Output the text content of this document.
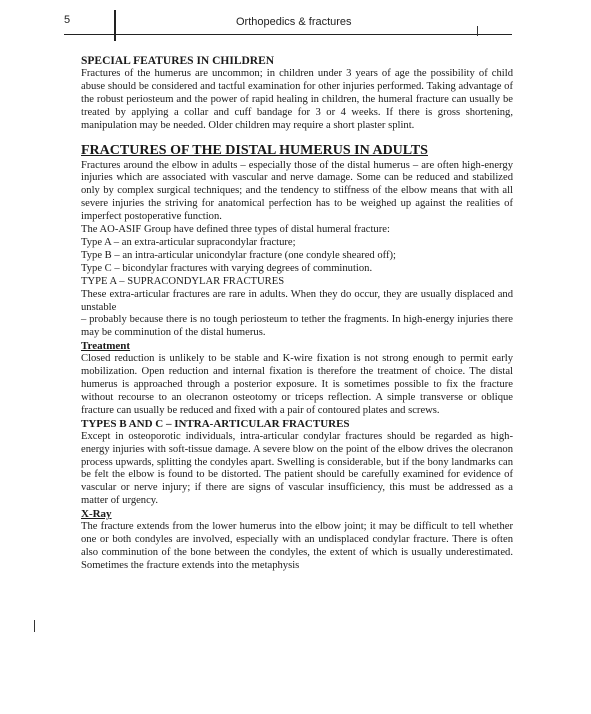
5	Orthopedics & fractures

SPECIAL FEATURES IN CHILDREN

Fractures of the humerus are uncommon; in children under 3 years of age the possibility of child abuse should be considered and tactful examination for other injuries performed. Taking advantage of the robust periosteum and the power of rapid healing in children, the humeral fracture can usually be treated by applying a collar and cuff bandage for 3 or 4 weeks. If there is gross shortening, manipulation may be needed. Older children may require a short plaster splint.

FRACTURES OF THE DISTAL HUMERUS IN ADULTS

Fractures around the elbow in adults – especially those of the distal humerus – are often high-energy injuries which are associated with vascular and nerve damage. Some can be reduced and stabilized only by complex surgical techniques; and the tendency to stiffness of the elbow means that with all severe injuries the striving for anatomical perfection has to be weighed up against the realities of imperfect postoperative function.

The AO-ASIF Group have defined three types of distal humeral fracture:

Type A – an extra-articular supracondylar fracture;

Type B – an intra-articular unicondylar fracture (one condyle sheared off);

Type C – bicondylar fractures with varying degrees of comminution.

TYPE A – SUPRACONDYLAR FRACTURES

These extra-articular fractures are rare in adults. When they do occur, they are usually displaced and unstable

– probably because there is no tough periosteum to tether the fragments. In high-energy injuries there may be comminution of the distal humerus.

Treatment

Closed reduction is unlikely to be stable and K-wire fixation is not strong enough to permit early mobilization. Open reduction and internal fixation is therefore the treatment of choice. The distal humerus is approached through a posterior exposure. It is sometimes possible to fix the fracture without recourse to an olecranon osteotomy or triceps reflection. A simple transverse or oblique fracture can usually be reduced and fixed with a pair of contoured plates and screws.

TYPES B AND C – INTRA-ARTICULAR FRACTURES

Except in osteoporotic individuals, intra-articular condylar fractures should be regarded as high-energy injuries with soft-tissue damage. A severe blow on the point of the elbow drives the olecranon process upwards, splitting the condyles apart. Swelling is considerable, but if the bony landmarks can be felt the elbow is found to be distorted. The patient should be carefully examined for evidence of vascular or nerve injury; if there are signs of vascular insufficiency, this must be addressed as a matter of urgency.

X-Ray

The fracture extends from the lower humerus into the elbow joint; it may be difficult to tell whether one or both condyles are involved, especially with an undisplaced condylar fracture. There is often also comminution of the bone between the condyles, the extent of which is usually underestimated. Sometimes the fracture extends into the metaphysis
